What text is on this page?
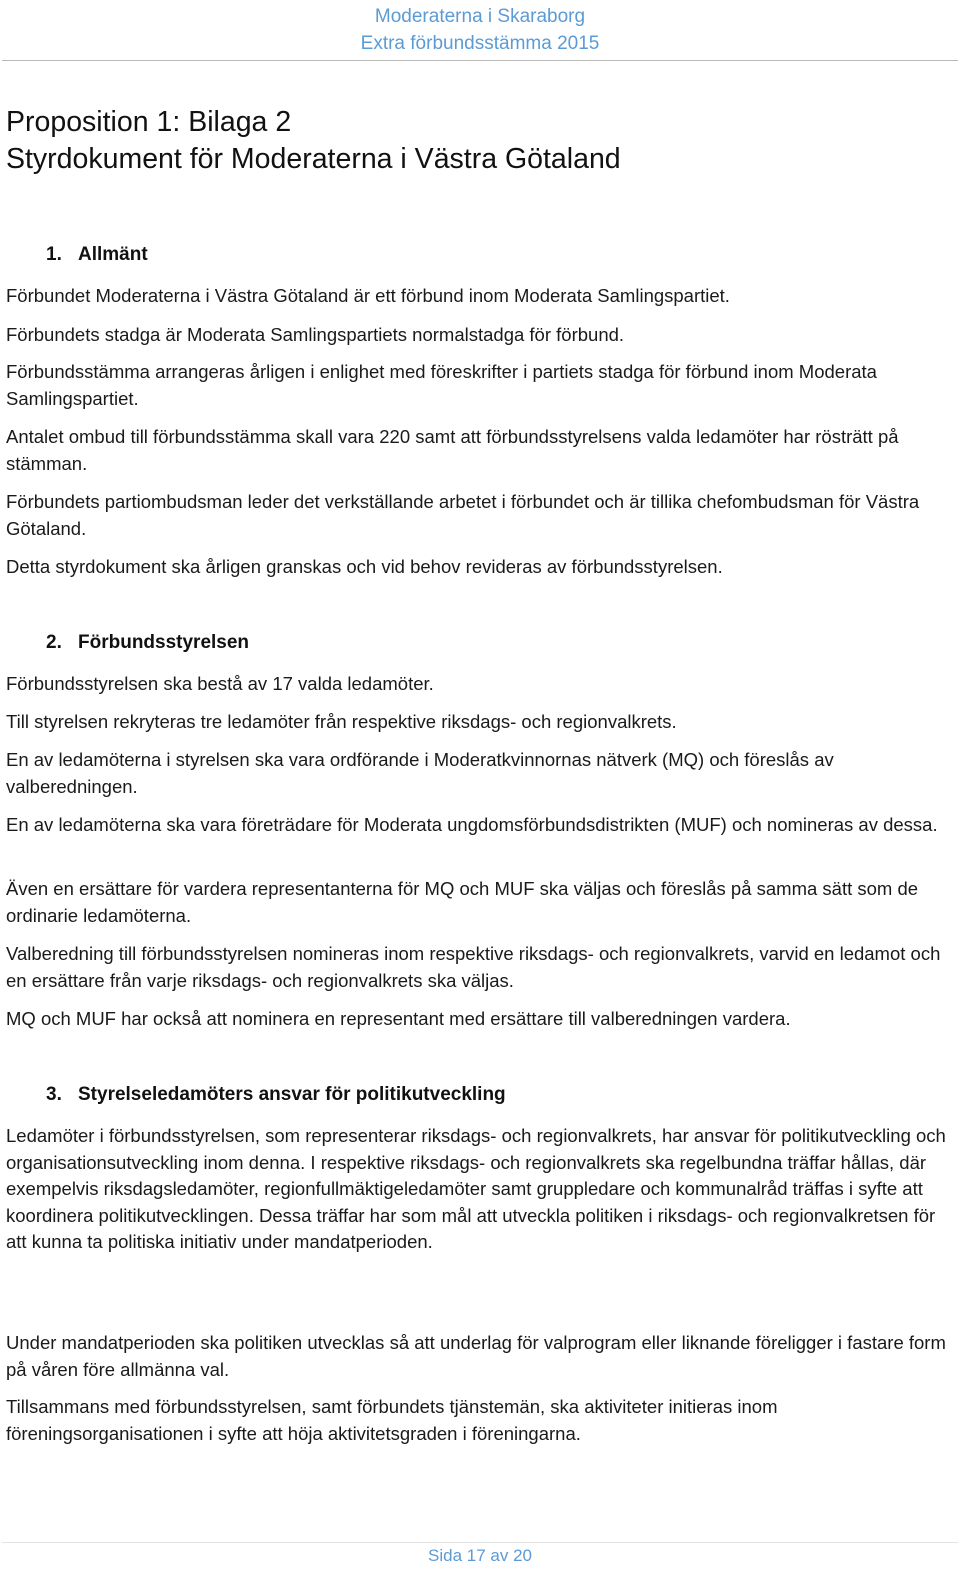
Moderaterna i Skaraborg
Extra förbundsstämma 2015
Proposition 1: Bilaga 2
Styrdokument för Moderaterna i Västra Götaland
1. Allmänt
Förbundet Moderaterna i Västra Götaland är ett förbund inom Moderata Samlingspartiet.
Förbundets stadga är Moderata Samlingspartiets normalstadga för förbund.
Förbundsstämma arrangeras årligen i enlighet med föreskrifter i partiets stadga för förbund inom Moderata Samlingspartiet.
Antalet ombud till förbundsstämma skall vara 220 samt att förbundsstyrelsens valda ledamöter har rösträtt på stämman.
Förbundets partiombudsman leder det verkställande arbetet i förbundet och är tillika chefombudsman för Västra Götaland.
Detta styrdokument ska årligen granskas och vid behov revideras av förbundsstyrelsen.
2. Förbundsstyrelsen
Förbundsstyrelsen ska bestå av 17 valda ledamöter.
Till styrelsen rekryteras tre ledamöter från respektive riksdags- och regionvalkrets.
En av ledamöterna i styrelsen ska vara ordförande i Moderatkvinnornas nätverk (MQ) och föreslås av valberedningen.
En av ledamöterna ska vara företrädare för Moderata ungdomsförbundsdistrikten (MUF) och nomineras av dessa.
Även en ersättare för vardera representanterna för MQ och MUF ska väljas och föreslås på samma sätt som de ordinarie ledamöterna.
Valberedning till förbundsstyrelsen nomineras inom respektive riksdags- och regionvalkrets, varvid en ledamot och en ersättare från varje riksdags- och regionvalkrets ska väljas.
MQ och MUF har också att nominera en representant med ersättare till valberedningen vardera.
3. Styrelseledamöters ansvar för politikutveckling
Ledamöter i förbundsstyrelsen, som representerar riksdags- och regionvalkrets, har ansvar för politikutveckling och organisationsutveckling inom denna. I respektive riksdags- och regionvalkrets ska regelbundna träffar hållas, där exempelvis riksdagsledamöter, regionfullmäktigeledamöter samt gruppledare och kommunalråd träffas i syfte att koordinera politikutvecklingen. Dessa träffar har som mål att utveckla politiken i riksdags- och regionvalkretsen för att kunna ta politiska initiativ under mandatperioden.
Under mandatperioden ska politiken utvecklas så att underlag för valprogram eller liknande föreligger i fastare form på våren före allmänna val.
Tillsammans med förbundsstyrelsen, samt förbundets tjänstemän, ska aktiviteter initieras inom föreningsorganisationen i syfte att höja aktivitetsgraden i föreningarna.
Sida 17 av 20
